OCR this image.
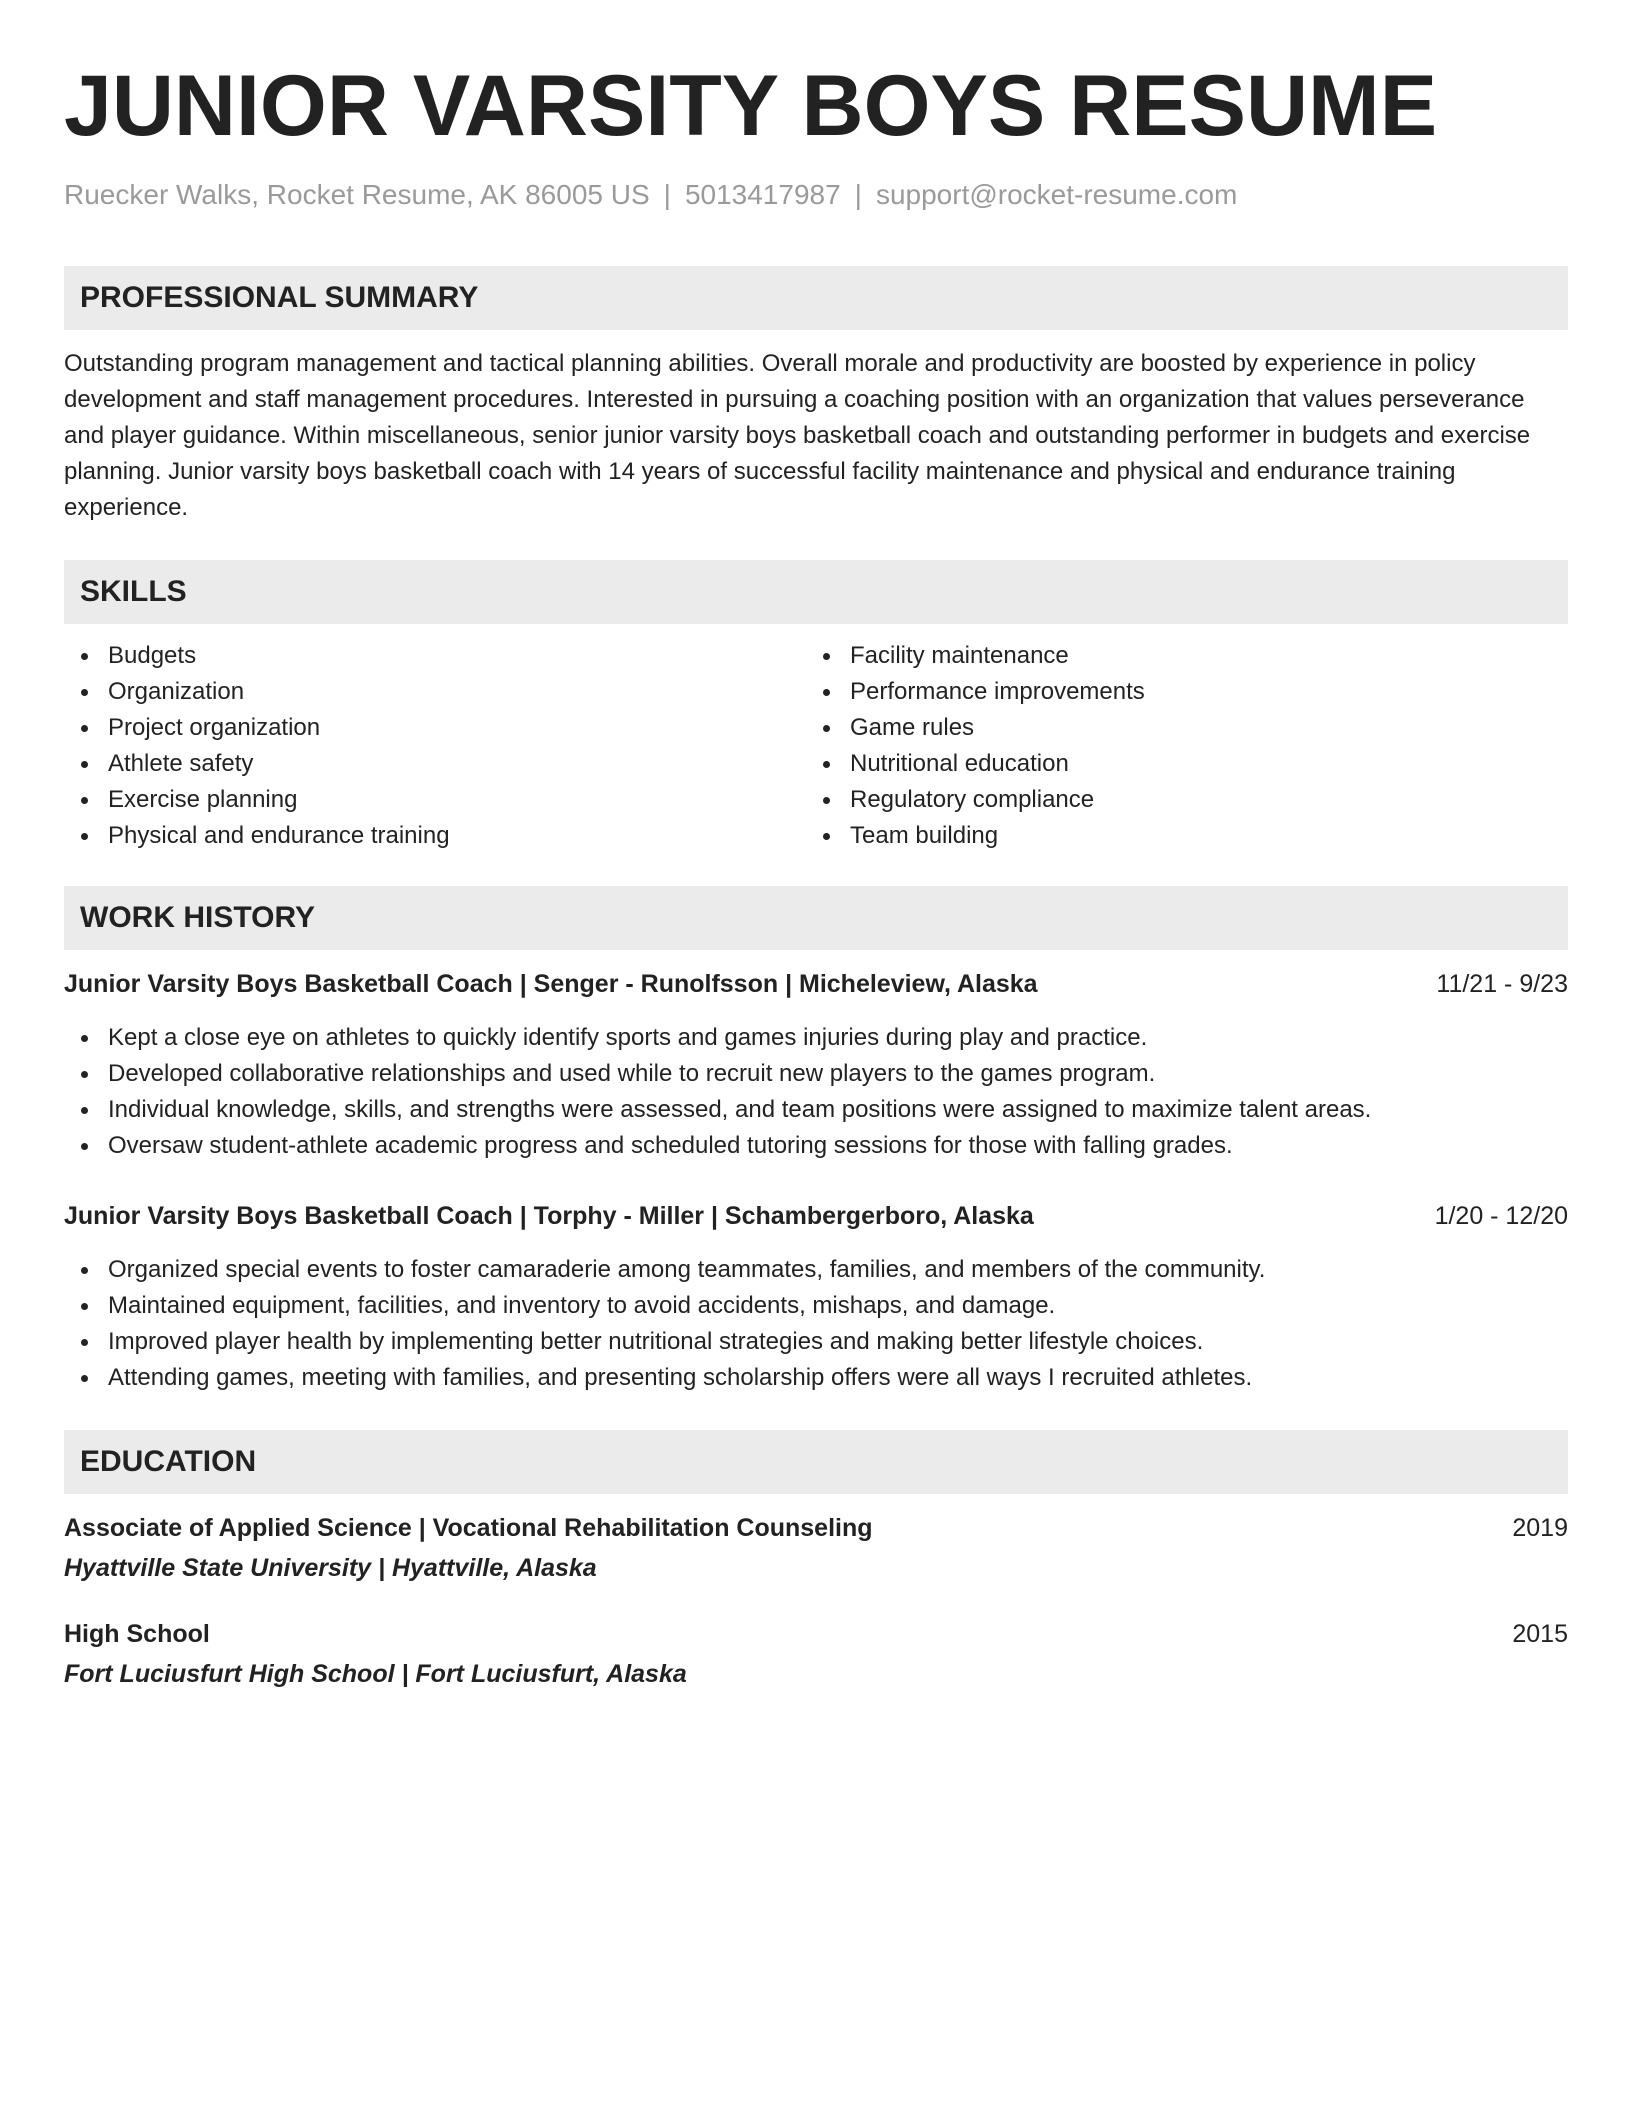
JUNIOR VARSITY BOYS RESUME
Ruecker Walks, Rocket Resume, AK 86005 US | 5013417987 | support@rocket-resume.com
PROFESSIONAL SUMMARY

Outstanding program management and tactical planning abilities. Overall morale and productivity are boosted by experience in policy development and staff management procedures. Interested in pursuing a coaching position with an organization that values perseverance and player guidance. Within miscellaneous, senior junior varsity boys basketball coach and outstanding performer in budgets and exercise planning. Junior varsity boys basketball coach with 14 years of successful facility maintenance and physical and endurance training experience.

SKILLS
Budgets
Organization
Project organization
Athlete safety
Exercise planning
Physical and endurance training
Facility maintenance
Performance improvements
Game rules
Nutritional education
Regulatory compliance
Team building
WORK HISTORY
Junior Varsity Boys Basketball Coach | Senger - Runolfsson | Micheleview, Alaska	11/21 - 9/23
Kept a close eye on athletes to quickly identify sports and games injuries during play and practice.
Developed collaborative relationships and used while to recruit new players to the games program.
Individual knowledge, skills, and strengths were assessed, and team positions were assigned to maximize talent areas.
Oversaw student-athlete academic progress and scheduled tutoring sessions for those with falling grades.
Junior Varsity Boys Basketball Coach | Torphy - Miller | Schambergerboro, Alaska	1/20 - 12/20
Organized special events to foster camaraderie among teammates, families, and members of the community.
Maintained equipment, facilities, and inventory to avoid accidents, mishaps, and damage.
Improved player health by implementing better nutritional strategies and making better lifestyle choices.
Attending games, meeting with families, and presenting scholarship offers were all ways I recruited athletes.
EDUCATION
Associate of Applied Science | Vocational Rehabilitation Counseling	2019
Hyattville State University | Hyattville, Alaska
High School	2015
Fort Luciusfurt High School | Fort Luciusfurt, Alaska
